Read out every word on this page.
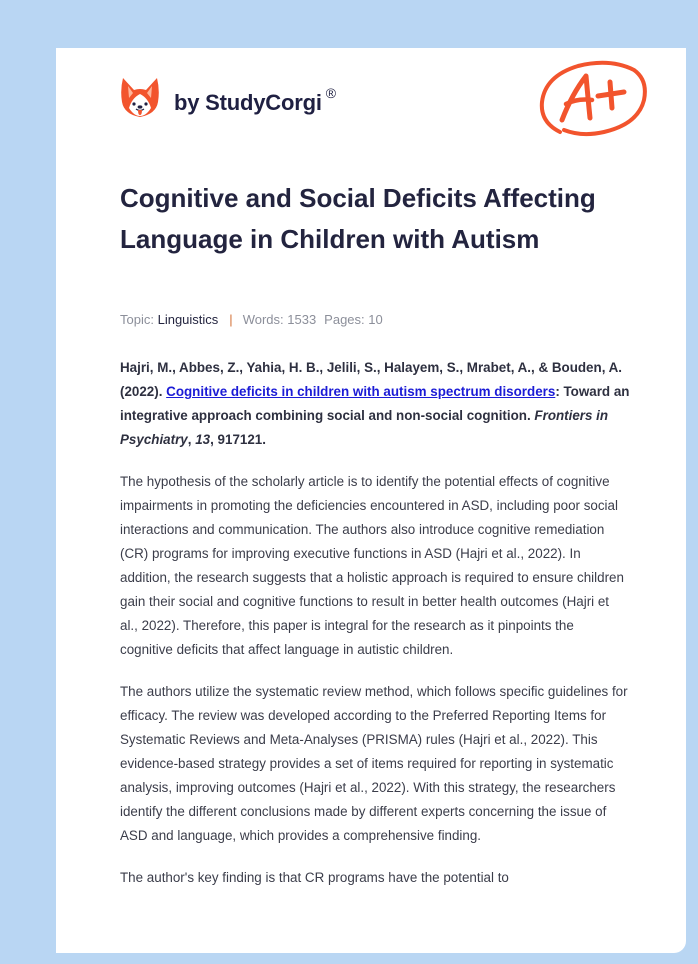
by StudyCorgi ®
Cognitive and Social Deficits Affecting Language in Children with Autism
Topic: Linguistics | Words: 1533 Pages: 10

Hajri, M., Abbes, Z., Yahia, H. B., Jelili, S., Halayem, S., Mrabet, A., & Bouden, A. (2022). Cognitive deficits in children with autism spectrum disorders: Toward an integrative approach combining social and non-social cognition. Frontiers in Psychiatry, 13, 917121.

The hypothesis of the scholarly article is to identify the potential effects of cognitive impairments in promoting the deficiencies encountered in ASD, including poor social interactions and communication. The authors also introduce cognitive remediation (CR) programs for improving executive functions in ASD (Hajri et al., 2022). In addition, the research suggests that a holistic approach is required to ensure children gain their social and cognitive functions to result in better health outcomes (Hajri et al., 2022). Therefore, this paper is integral for the research as it pinpoints the cognitive deficits that affect language in autistic children.

The authors utilize the systematic review method, which follows specific guidelines for efficacy. The review was developed according to the Preferred Reporting Items for Systematic Reviews and Meta-Analyses (PRISMA) rules (Hajri et al., 2022). This evidence-based strategy provides a set of items required for reporting in systematic analysis, improving outcomes (Hajri et al., 2022). With this strategy, the researchers identify the different conclusions made by different experts concerning the issue of ASD and language, which provides a comprehensive finding.

The author's key finding is that CR programs have the potential to
